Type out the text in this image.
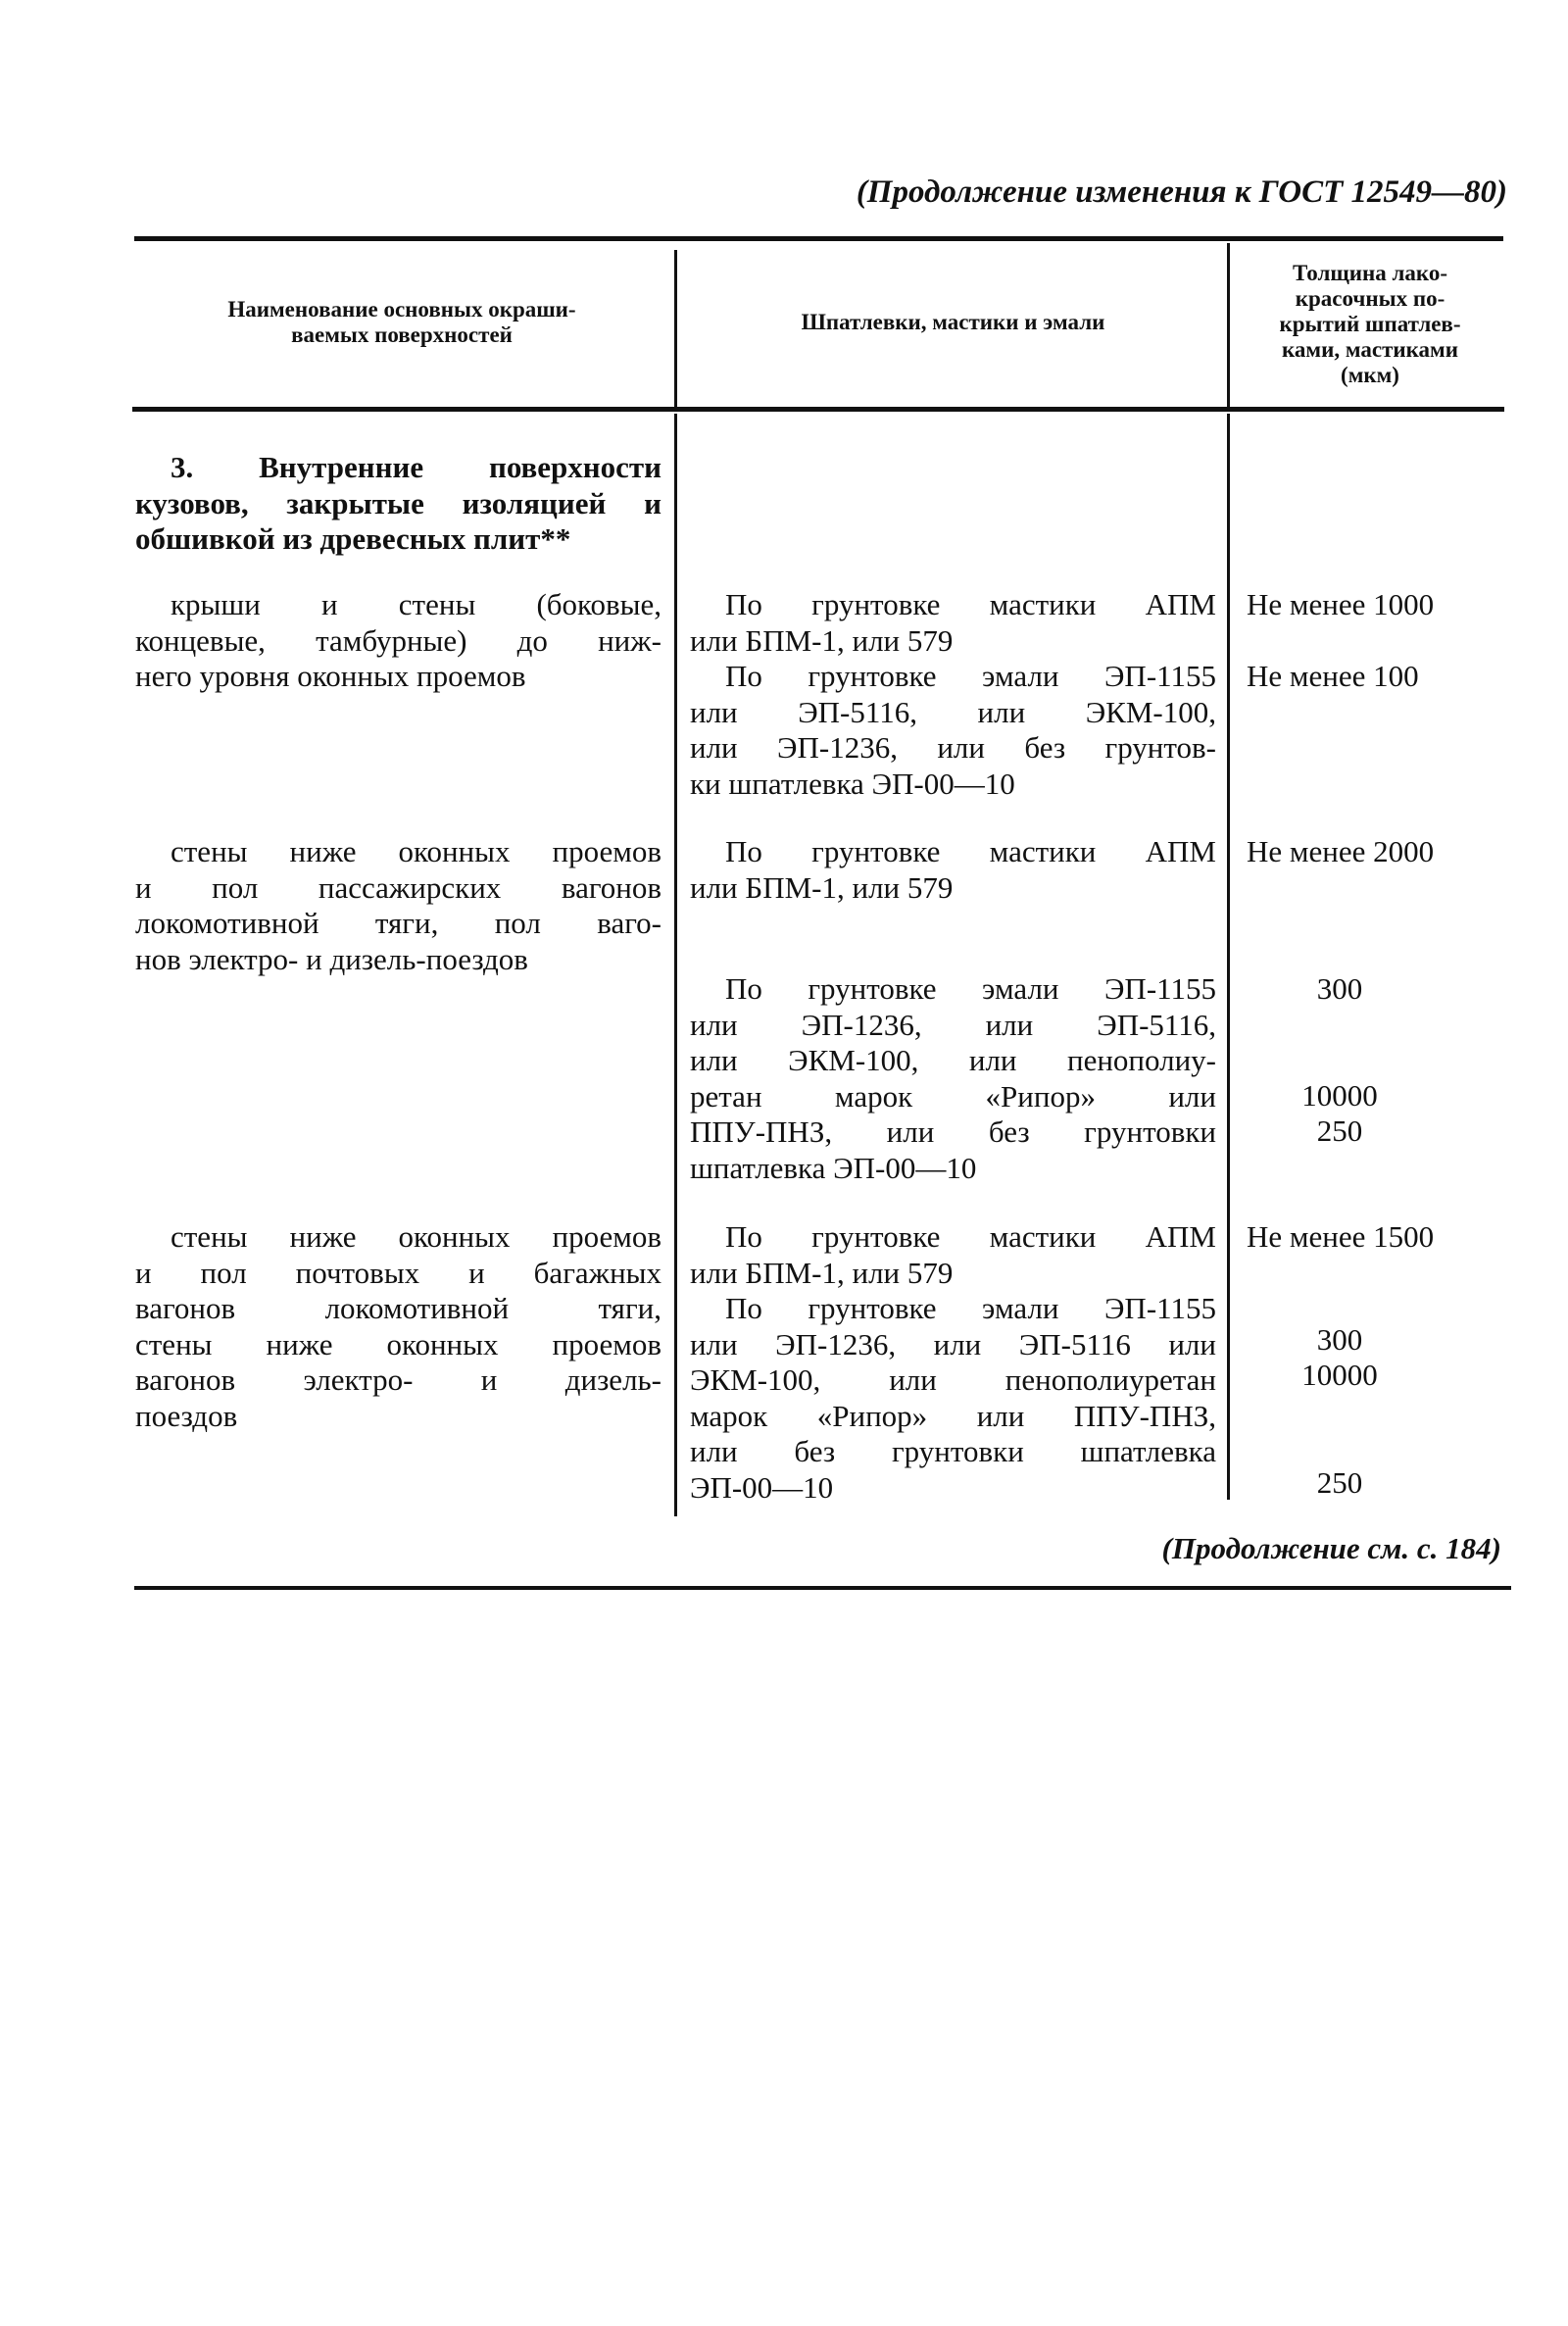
(Продолжение изменения к ГОСТ 12549—80)
(Продолжение см. с. 184)
Наименование основных окраши-
ваемых поверхностей
Шпатлевки, мастики и эмали
Толщина лако-
красочных по-
крытий шпатлев-
ками, мастиками
(мкм)
3. Внутренние поверхности
кузовов, закрытые изоляцией и
обшивкой из древесных плит**
крыши и стены (боковые,
концевые, тамбурные) до ниж-
него уровня оконных проемов
По грунтовке мастики АПМ
или БПМ-1, или 579
По грунтовке эмали ЭП-1155
или ЭП-5116, или ЭКМ-100,
или ЭП-1236, или без грунтов-
ки шпатлевка ЭП-00—10
стены ниже оконных проемов
и пол пассажирских вагонов
локомотивной тяги, пол ваго-
нов электро- и дизель-поездов
По грунтовке мастики АПМ
или БПМ-1, или 579
По грунтовке эмали ЭП-1155
или ЭП-1236, или ЭП-5116,
или ЭКМ-100, или пенополиу-
ретан марок «Рипор» или
ППУ-ПНЗ, или без грунтовки
шпатлевка ЭП-00—10
стены ниже оконных проемов
и пол почтовых и багажных
вагонов локомотивной тяги,
стены ниже оконных проемов
вагонов электро- и дизель-
поездов
По грунтовке мастики АПМ
или БПМ-1, или 579
По грунтовке эмали ЭП-1155
или ЭП-1236, или ЭП-5116 или
ЭКМ-100, или пенополиуретан
марок «Рипор» или ППУ-ПНЗ,
или без грунтовки шпатлевка
ЭП-00—10
Не менее 1000
Не менее 100
Не менее 2000
300
10000
250
Не менее 1500
300
10000
250
